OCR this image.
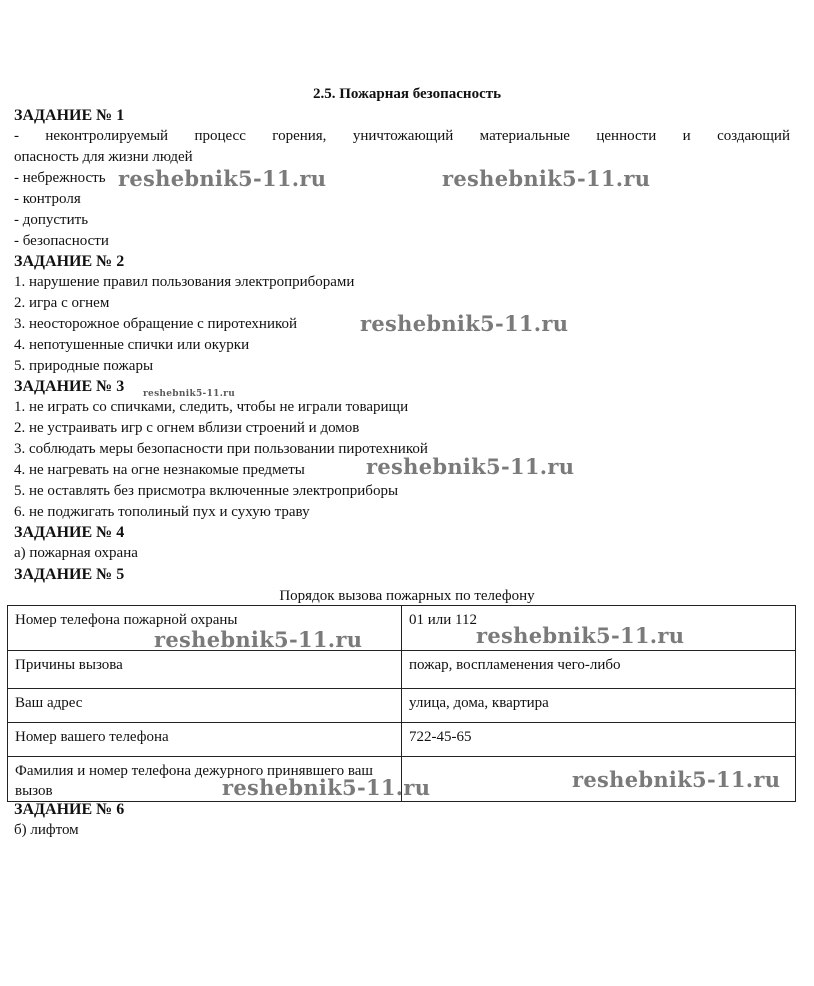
2.5. Пожарная безопасность
ЗАДАНИЕ № 1
- неконтролируемый процесс горения, уничтожающий материальные ценности и создающий
опасность для жизни людей
- небрежность
- контроля
- допустить
- безопасности
ЗАДАНИЕ № 2
1. нарушение правил пользования электроприборами
2. игра с огнем
3. неосторожное обращение с пиротехникой
4. непотушенные спички или окурки
5. природные пожары
ЗАДАНИЕ № 3
1. не играть со спичками, следить, чтобы не играли товарищи
2. не устраивать игр с огнем вблизи строений и домов
3. соблюдать меры безопасности при пользовании пиротехникой
4. не нагревать на огне незнакомые предметы
5. не оставлять без присмотра включенные электроприборы
6. не поджигать тополиный пух и сухую траву
ЗАДАНИЕ № 4
а) пожарная охрана
ЗАДАНИЕ № 5
Порядок вызова пожарных по телефону
Номер телефона пожарной охраны	01 или 112
Причины вызова	пожар, воспламенения чего-либо
Ваш адрес	улица, дома, квартира
Номер вашего телефона	722-45-65
Фамилия и номер телефона дежурного принявшего ваш вызов	
ЗАДАНИЕ № 6
б) лифтом
reshebnik5-11.ru	reshebnik5-11.ru
reshebnik5-11.ru
reshebnik5-11.ru
reshebnik5-11.ru
reshebnik5-11.ru	reshebnik5-11.ru
reshebnik5-11.ru	reshebnik5-11.ru
